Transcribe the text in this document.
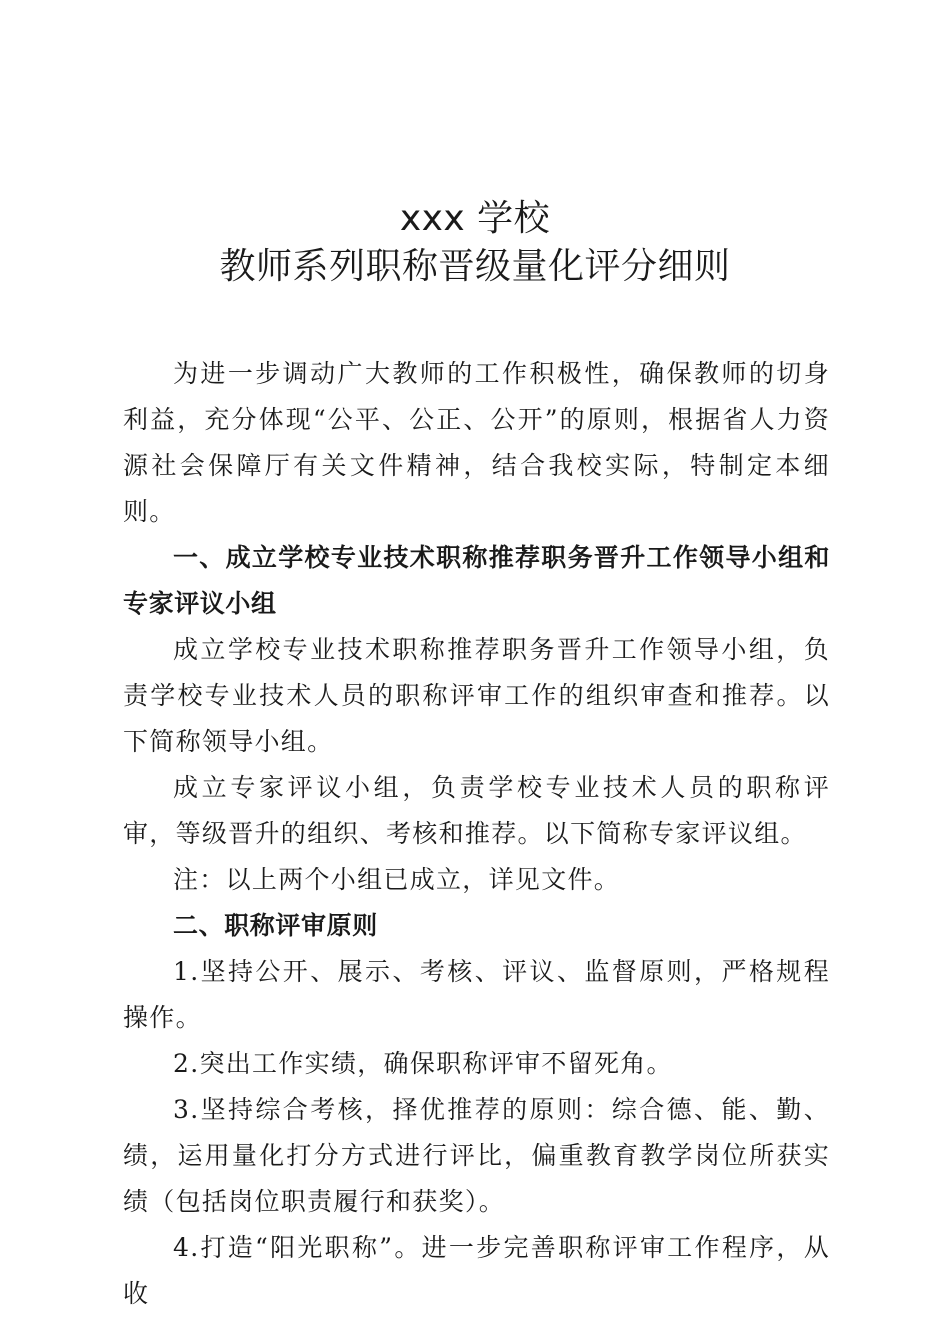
xxx 学校
教师系列职称晋级量化评分细则

为进一步调动广大教师的工作积极性，确保教师的切身利益，充分体现“公平、公正、公开”的原则，根据省人力资源社会保障厅有关文件精神，结合我校实际，特制定本细则。

一、成立学校专业技术职称推荐职务晋升工作领导小组和专家评议小组

成立学校专业技术职称推荐职务晋升工作领导小组，负责学校专业技术人员的职称评审工作的组织审查和推荐。以下简称领导小组。

成立专家评议小组，负责学校专业技术人员的职称评审，等级晋升的组织、考核和推荐。以下简称专家评议组。

注：以上两个小组已成立，详见文件。

二、职称评审原则

1.坚持公开、展示、考核、评议、监督原则，严格规程操作。

2.突出工作实绩，确保职称评审不留死角。

3.坚持综合考核，择优推荐的原则：综合德、能、勤、绩，运用量化打分方式进行评比，偏重教育教学岗位所获实绩（包括岗位职责履行和获奖）。

4.打造“阳光职称”。进一步完善职称评审工作程序，从收
